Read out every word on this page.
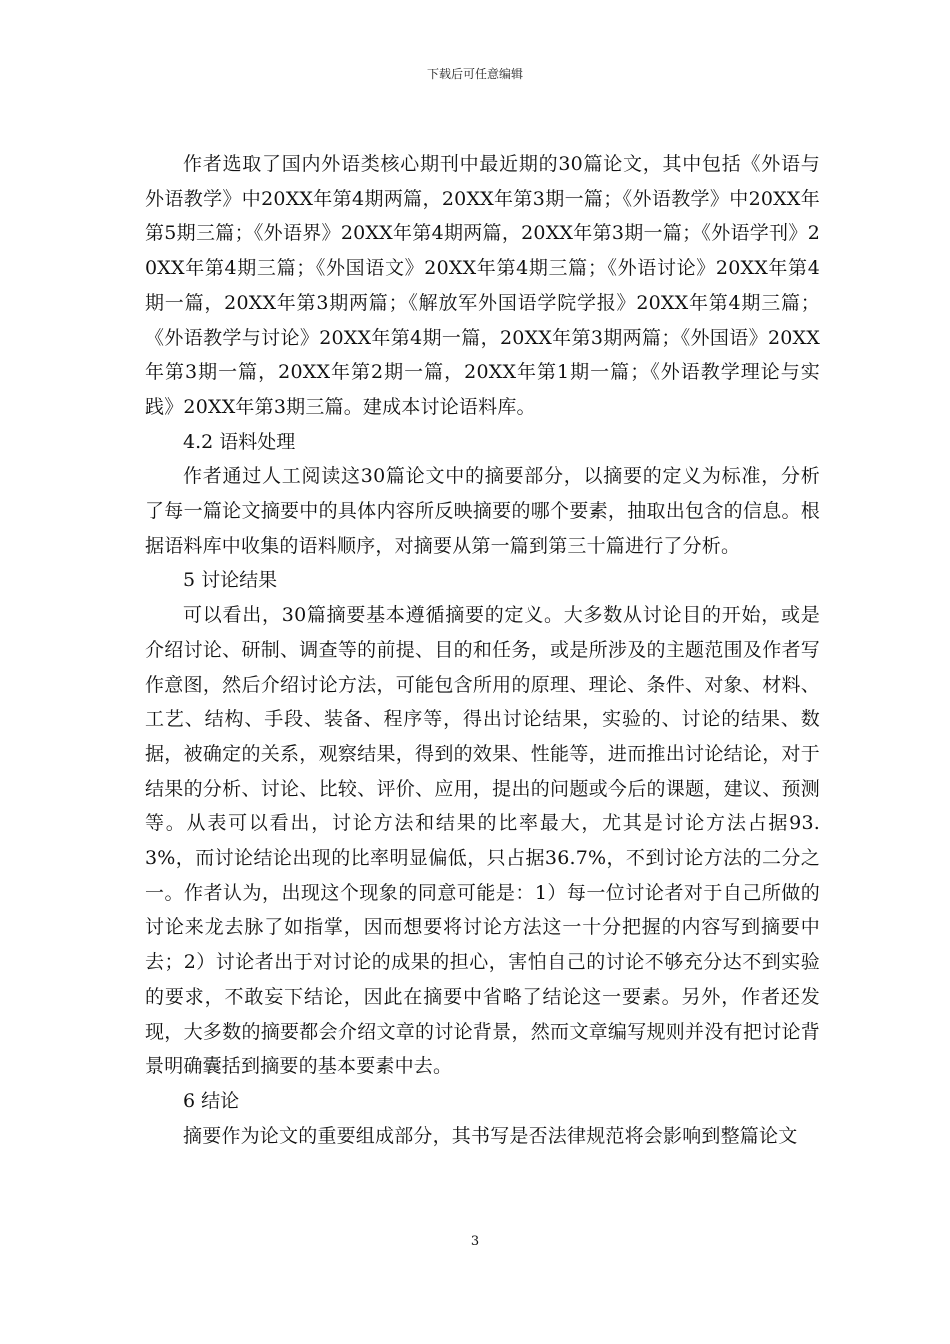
下载后可任意编辑

作者选取了国内外语类核心期刊中最近期的30篇论文，其中包括《外语与外语教学》中20XX年第4期两篇，20XX年第3期一篇；《外语教学》中20XX年第5期三篇；《外语界》20XX年第4期两篇，20XX年第3期一篇；《外语学刊》20XX年第4期三篇；《外国语文》20XX年第4期三篇；《外语讨论》20XX年第4期一篇，20XX年第3期两篇；《解放军外国语学院学报》20XX年第4期三篇；《外语教学与讨论》20XX年第4期一篇，20XX年第3期两篇；《外国语》20XX年第3期一篇，20XX年第2期一篇，20XX年第1期一篇；《外语教学理论与实践》20XX年第3期三篇。建成本讨论语料库。

4.2 语料处理

作者通过人工阅读这30篇论文中的摘要部分，以摘要的定义为标准，分析了每一篇论文摘要中的具体内容所反映摘要的哪个要素，抽取出包含的信息。根据语料库中收集的语料顺序，对摘要从第一篇到第三十篇进行了分析。

5 讨论结果

可以看出，30篇摘要基本遵循摘要的定义。大多数从讨论目的开始，或是介绍讨论、研制、调查等的前提、目的和任务，或是所涉及的主题范围及作者写作意图，然后介绍讨论方法，可能包含所用的原理、理论、条件、对象、材料、工艺、结构、手段、装备、程序等，得出讨论结果，实验的、讨论的结果、数据，被确定的关系，观察结果，得到的效果、性能等，进而推出讨论结论，对于结果的分析、讨论、比较、评价、应用，提出的问题或今后的课题，建议、预测等。从表可以看出，讨论方法和结果的比率最大，尤其是讨论方法占据93.3%，而讨论结论出现的比率明显偏低，只占据36.7%，不到讨论方法的二分之一。作者认为，出现这个现象的同意可能是：1）每一位讨论者对于自己所做的讨论来龙去脉了如指掌，因而想要将讨论方法这一十分把握的内容写到摘要中去；2）讨论者出于对讨论的成果的担心，害怕自己的讨论不够充分达不到实验的要求，不敢妄下结论，因此在摘要中省略了结论这一要素。另外，作者还发现，大多数的摘要都会介绍文章的讨论背景，然而文章编写规则并没有把讨论背景明确囊括到摘要的基本要素中去。

6 结论

摘要作为论文的重要组成部分，其书写是否法律规范将会影响到整篇论文

3
